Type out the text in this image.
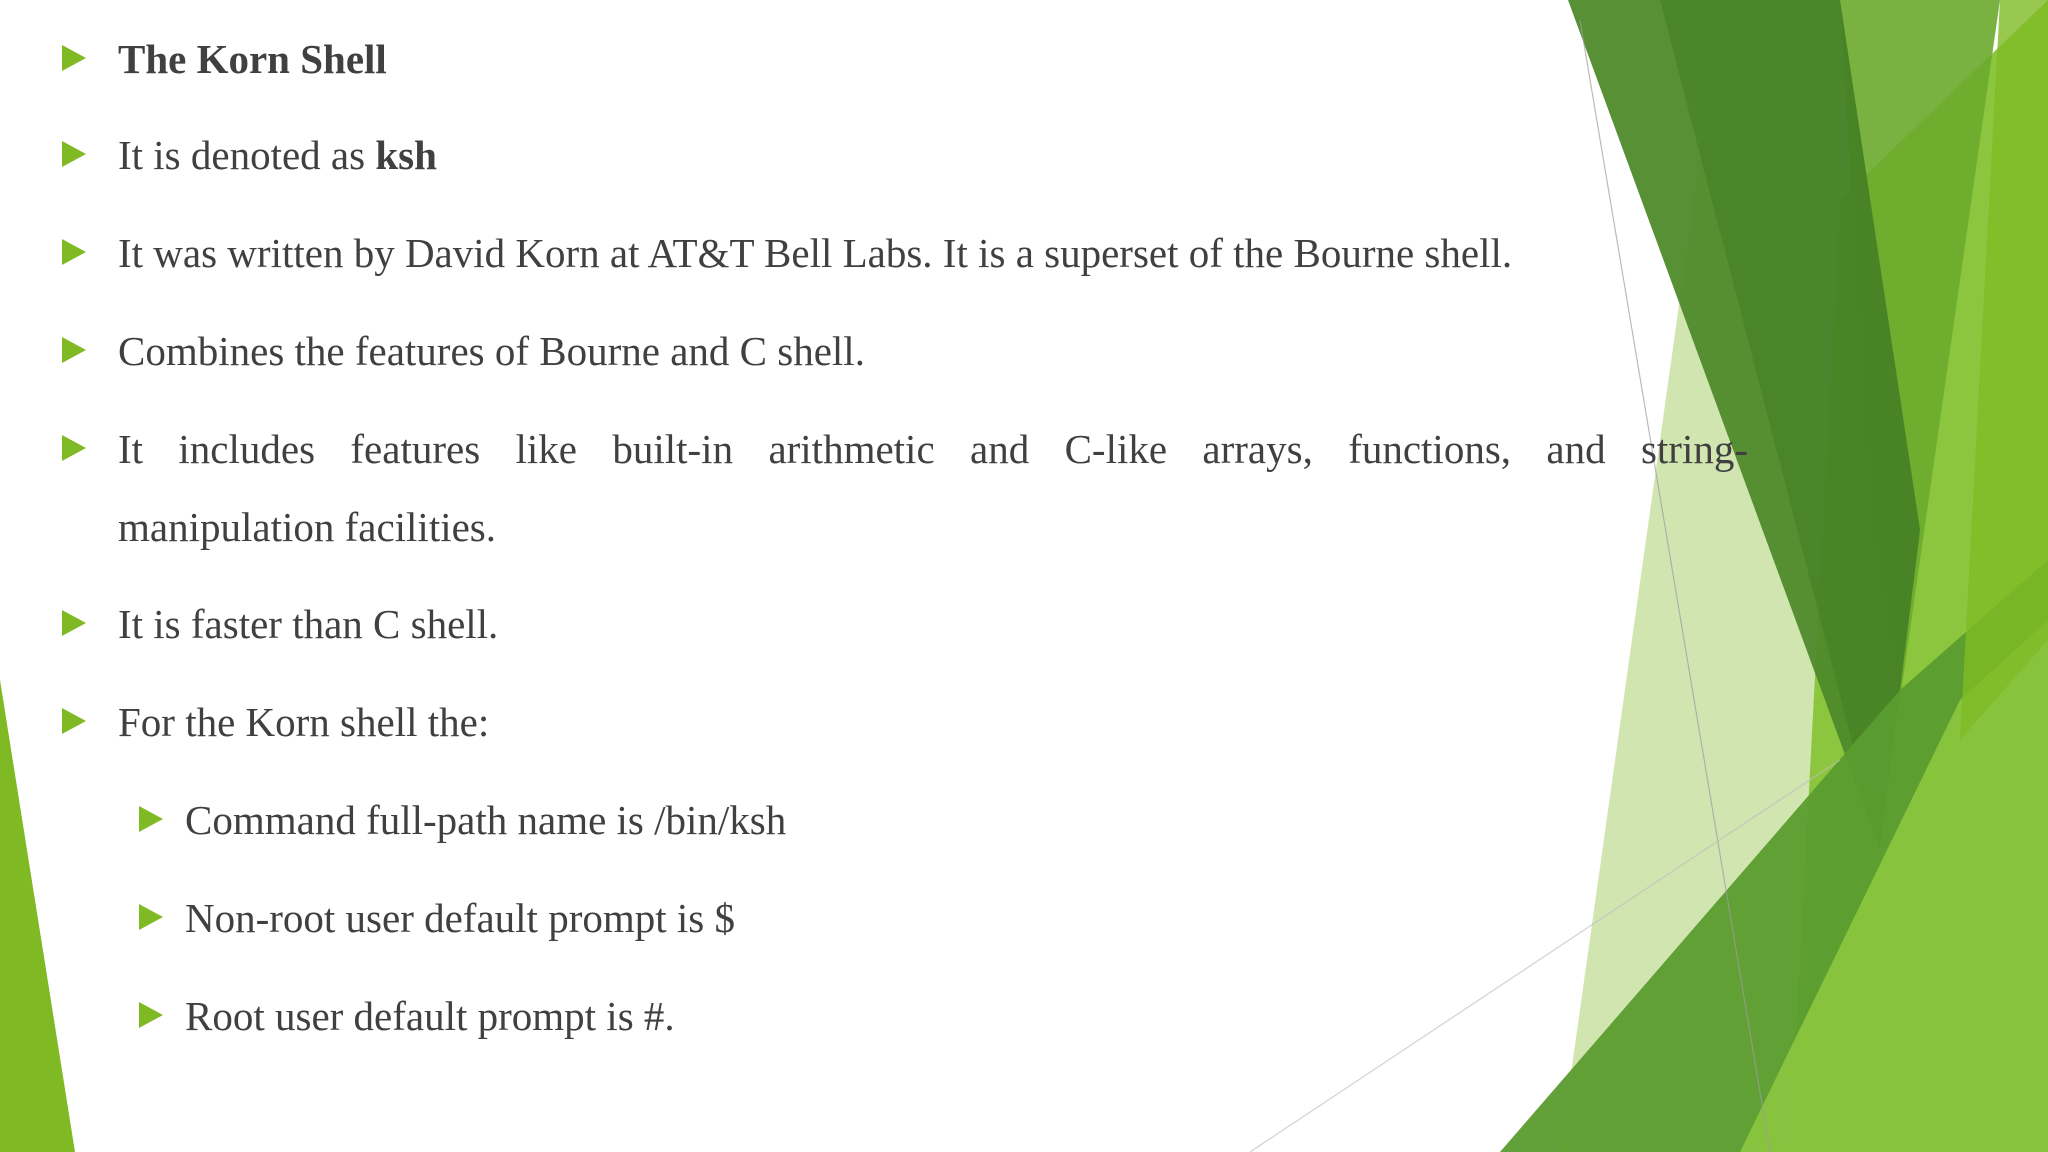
The Korn Shell
It is denoted as ksh
It was written by David Korn at AT&T Bell Labs. It is a superset of the Bourne shell.
Combines the features of Bourne and C shell.
It includes features like built-in arithmetic and C-like arrays, functions, and string-
manipulation facilities.
It is faster than C shell.
For the Korn shell the:
Command full-path name is /bin/ksh
Non-root user default prompt is $
Root user default prompt is #.
